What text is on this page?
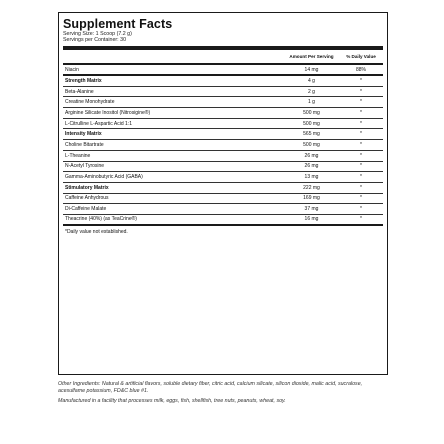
Supplement Facts
Serving Size: 1 Scoop (7.2 g)
Servings per Container: 30
Amount Per Serving	% Daily Value
Niacin	14 mg	88%
Strength Matrix	4 g	*
Beta-Alanine	2 g	*
Creatine Monohydrate	1 g	*
Arginine Silicate Inositol (Nitrosigine®)	500 mg	*
L-Citrulline L-Aspartic Acid 1:1	500 mg	*
Intensity Matrix	565 mg	*
Choline Bitartrate	500 mg	*
L-Theanine	26 mg	*
N-Acetyl Tyrosine	26 mg	*
Gamma-Aminobutyric Acid (GABA)	13 mg	*
Stimulatory Matrix	222 mg	*
Caffeine Anhydrous	169 mg	*
Di-Caffeine Malate	37 mg	*
Theacrine (40%) (as TeaCrine®)	16 mg	*
*Daily value not established.

Other Ingredients: Natural & artificial flavors, soluble dietary fiber, citric acid, calcium silicate, silicon dioxide, malic acid, sucralose, acesulfame potassium, FD&C blue #1.

Manufactured in a facility that processes milk, eggs, fish, shellfish, tree nuts, peanuts, wheat, soy.
